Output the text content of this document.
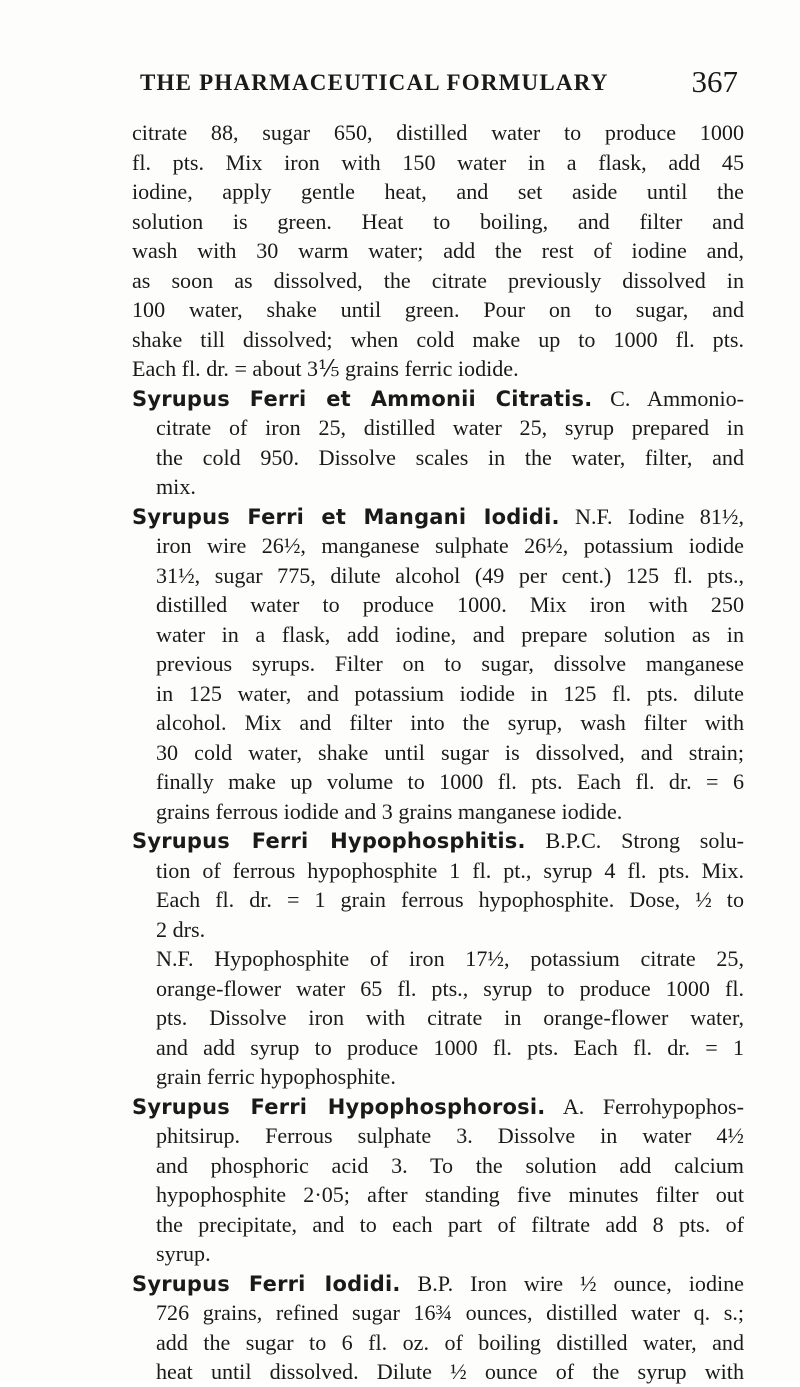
THE PHARMACEUTICAL FORMULARY	367
citrate 88, sugar 650, distilled water to produce 1000
fl. pts. Mix iron with 150 water in a flask, add 45
iodine, apply gentle heat, and set aside until the
solution is green. Heat to boiling, and filter and
wash with 30 warm water; add the rest of iodine and,
as soon as dissolved, the citrate previously dissolved in
100 water, shake until green. Pour on to sugar, and
shake till dissolved; when cold make up to 1000 fl. pts.
Each fl. dr. = about 3⅕ grains ferric iodide.
Syrupus Ferri et Ammonii Citratis. C. Ammonio-
citrate of iron 25, distilled water 25, syrup prepared in
the cold 950. Dissolve scales in the water, filter, and
mix.
Syrupus Ferri et Mangani Iodidi. N.F. Iodine 81½,
iron wire 26½, manganese sulphate 26½, potassium iodide
31½, sugar 775, dilute alcohol (49 per cent.) 125 fl. pts.,
distilled water to produce 1000. Mix iron with 250
water in a flask, add iodine, and prepare solution as in
previous syrups. Filter on to sugar, dissolve manganese
in 125 water, and potassium iodide in 125 fl. pts. dilute
alcohol. Mix and filter into the syrup, wash filter with
30 cold water, shake until sugar is dissolved, and strain;
finally make up volume to 1000 fl. pts. Each fl. dr. = 6
grains ferrous iodide and 3 grains manganese iodide.
Syrupus Ferri Hypophosphitis. B.P.C. Strong solu-
tion of ferrous hypophosphite 1 fl. pt., syrup 4 fl. pts. Mix.
Each fl. dr. = 1 grain ferrous hypophosphite. Dose, ½ to
2 drs.
N.F. Hypophosphite of iron 17½, potassium citrate 25,
orange-flower water 65 fl. pts., syrup to produce 1000 fl.
pts. Dissolve iron with citrate in orange-flower water,
and add syrup to produce 1000 fl. pts. Each fl. dr. = 1
grain ferric hypophosphite.
Syrupus Ferri Hypophosphorosi. A. Ferrohypophos-
phitsirup. Ferrous sulphate 3. Dissolve in water 4½
and phosphoric acid 3. To the solution add calcium
hypophosphite 2·05; after standing five minutes filter out
the precipitate, and to each part of filtrate add 8 pts. of
syrup.
Syrupus Ferri Iodidi. B.P. Iron wire ½ ounce, iodine
726 grains, refined sugar 16¾ ounces, distilled water q. s.;
add the sugar to 6 fl. oz. of boiling distilled water, and
heat until dissolved. Dilute ½ ounce of the syrup with
